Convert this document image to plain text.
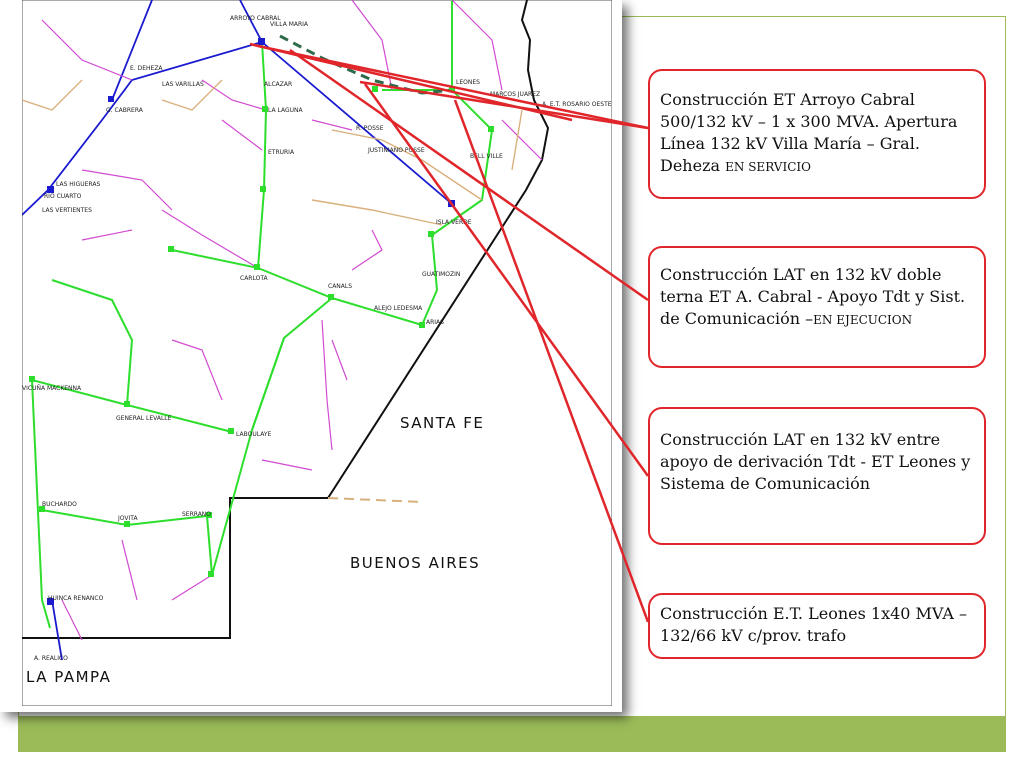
SANTA FE
BUENOS AIRES
LA PAMPA
ARROYO CABRAL
VILLA MARIA
LEONES
A. E.T. ROSARIO OESTE
MARCOS JUAREZ
BELL VILLE
R. POSSE
LAS VARILLAS
G. CABRERA
E. DEHEZA
LAS HIGUERAS
RIO CUARTO
LAS VERTIENTES
CARLOTA
CANALS
JUSTINIANO POSSE
ALEJO LEDESMA
ARIAS
GENERAL LEVALLE
LABOULAYE
SERRANO
JOVITA
VICUÑA MACKENNA
HUINCA RENANCO
BUCHARDO
LA LAGUNA
ALCAZAR
ETRURIA
ISLA VERDE
GUATIMOZIN
A. REALICO
Construcción ET Arroyo Cabral 500/132 kV – 1 x 300 MVA. Apertura Línea 132 kV Villa María – Gral. Deheza EN SERVICIO
Construcción LAT en 132 kV doble terna ET A. Cabral - Apoyo Tdt y Sist. de Comunicación –EN EJECUCION
Construcción LAT en 132 kV entre apoyo de derivación Tdt - ET Leones y Sistema de Comunicación
Construcción E.T. Leones 1x40 MVA – 132/66 kV c/prov. trafo
